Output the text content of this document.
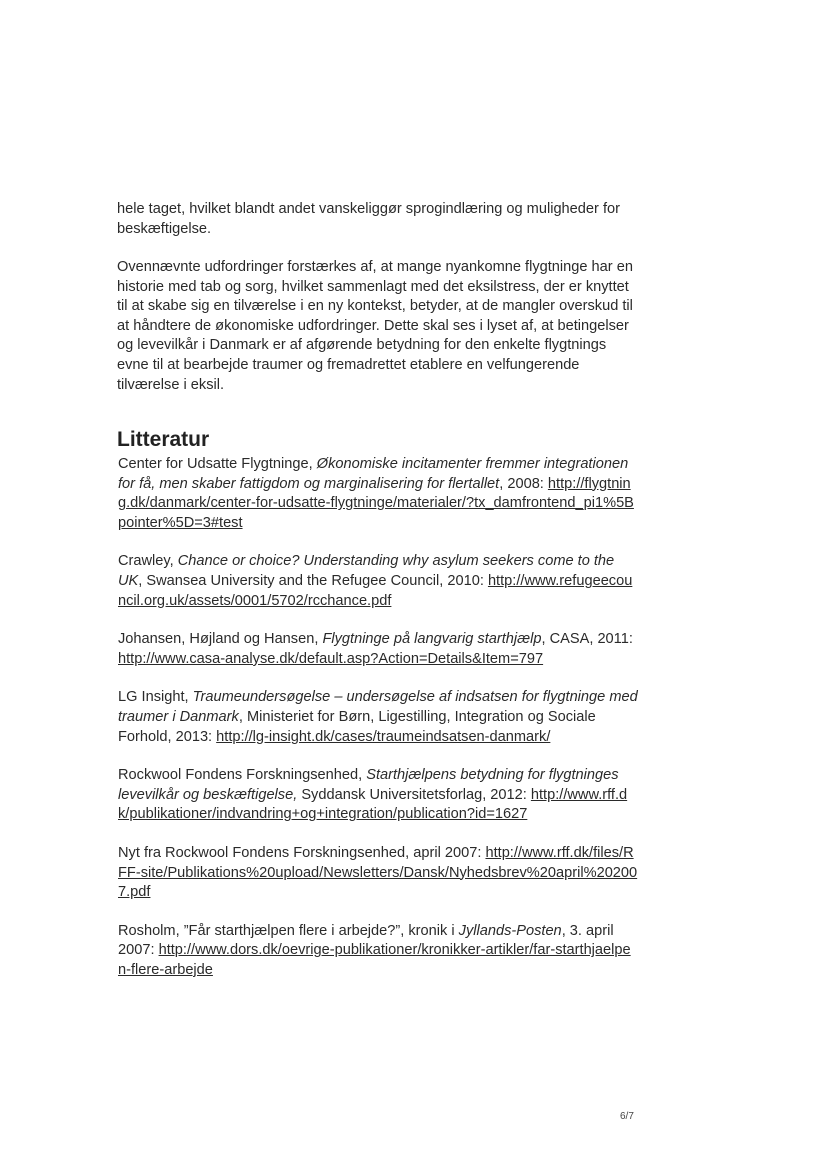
hele taget, hvilket blandt andet vanskeliggør sprogindlæring og muligheder for beskæftigelse.

Ovennævnte udfordringer forstærkes af, at mange nyankomne flygtninge har en historie med tab og sorg, hvilket sammenlagt med det eksilstress, der er knyttet til at skabe sig en tilværelse i en ny kontekst, betyder, at de mangler overskud til at håndtere de økonomiske udfordringer. Dette skal ses i lyset af, at betingelser og levevilkår i Danmark er af afgørende betydning for den enkelte flygtnings evne til at bearbejde traumer og fremadrettet etablere en velfungerende tilværelse i eksil.

Litteratur

Center for Udsatte Flygtninge, Økonomiske incitamenter fremmer integrationen for få, men skaber fattigdom og marginalisering for flertallet, 2008: http://flygtning.dk/danmark/center-for-udsatte-flygtninge/materialer/?tx_damfrontend_pi1%5Bpointer%5D=3#test

Crawley, Chance or choice? Understanding why asylum seekers come to the UK, Swansea University and the Refugee Council, 2010: http://www.refugeecouncil.org.uk/assets/0001/5702/rcchance.pdf

Johansen, Højland og Hansen, Flygtninge på langvarig starthjælp, CASA, 2011: http://www.casa-analyse.dk/default.asp?Action=Details&Item=797

LG Insight, Traumeundersøgelse – undersøgelse af indsatsen for flygtninge med traumer i Danmark, Ministeriet for Børn, Ligestilling, Integration og Sociale Forhold, 2013: http://lg-insight.dk/cases/traumeindsatsen-danmark/

Rockwool Fondens Forskningsenhed, Starthjælpens betydning for flygtninges levevilkår og beskæftigelse, Syddansk Universitetsforlag, 2012: http://www.rff.dk/publikationer/indvandring+og+integration/publication?id=1627

Nyt fra Rockwool Fondens Forskningsenhed, april 2007: http://www.rff.dk/files/RFF-site/Publikations%20upload/Newsletters/Dansk/Nyhedsbrev%20april%202007.pdf

Rosholm, ”Får starthjælpen flere i arbejde?”, kronik i Jyllands-Posten, 3. april 2007: http://www.dors.dk/oevrige-publikationer/kronikker-artikler/far-starthjaelpen-flere-arbejde

6/7
